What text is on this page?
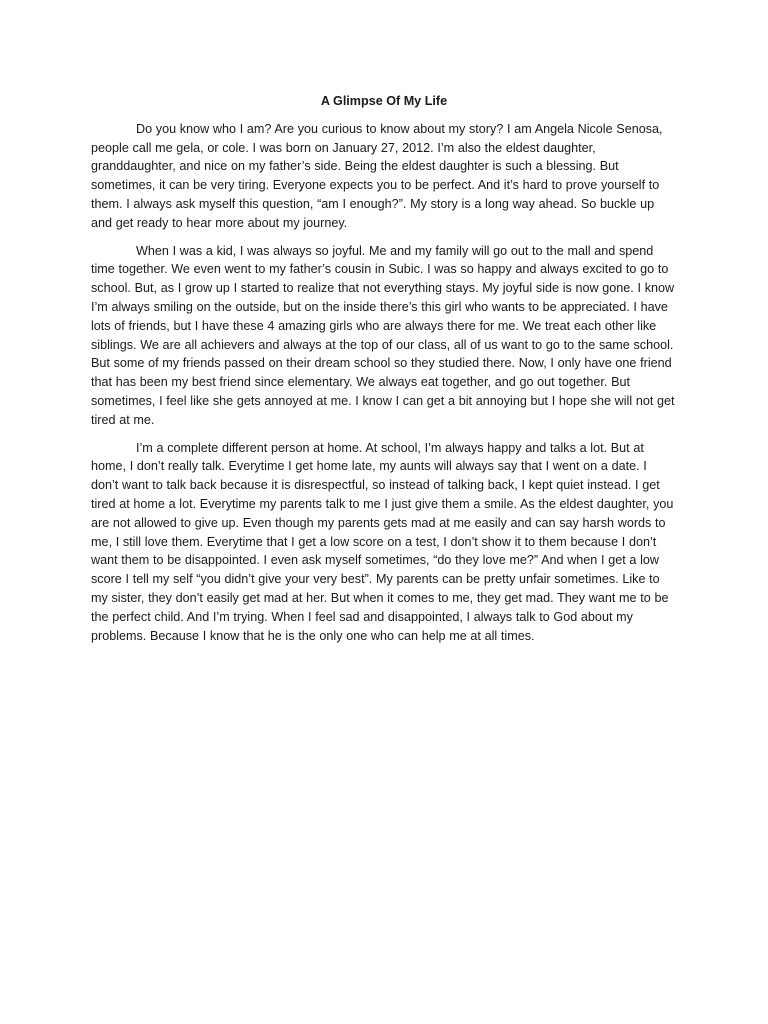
A Glimpse Of My Life

Do you know who I am? Are you curious to know about my story? I am Angela Nicole Senosa, people call me gela, or cole. I was born on January 27, 2012. I’m also the eldest daughter, granddaughter, and nice on my father’s side. Being the eldest daughter is such a blessing. But sometimes, it can be very tiring. Everyone expects you to be perfect. And it’s hard to prove yourself to them. I always ask myself this question, “am I enough?”. My story is a long way ahead. So buckle up and get ready to hear more about my journey.

When I was a kid, I was always so joyful. Me and my family will go out to the mall and spend time together. We even went to my father’s cousin in Subic. I was so happy and always excited to go to school. But, as I grow up I started to realize that not everything stays. My joyful side is now gone. I know I’m always smiling on the outside, but on the inside there’s this girl who wants to be appreciated. I have lots of friends, but I have these 4 amazing girls who are always there for me. We treat each other like siblings. We are all achievers and always at the top of our class, all of us want to go to the same school. But some of my friends passed on their dream school so they studied there. Now, I only have one friend that has been my best friend since elementary. We always eat together, and go out together. But sometimes, I feel like she gets annoyed at me. I know I can get a bit annoying but I hope she will not get tired at me.

I’m a complete different person at home. At school, I’m always happy and talks a lot. But at home, I don’t really talk. Everytime I get home late, my aunts will always say that I went on a date. I don’t want to talk back because it is disrespectful, so instead of talking back, I kept quiet instead. I get tired at home a lot. Everytime my parents talk to me I just give them a smile. As the eldest daughter, you are not allowed to give up. Even though my parents gets mad at me easily and can say harsh words to me, I still love them. Everytime that I get a low score on a test, I don’t show it to them because I don’t want them to be disappointed. I even ask myself sometimes, “do they love me?” And when I get a low score I tell my self “you didn’t give your very best”. My parents can be pretty unfair sometimes. Like to my sister, they don’t easily get mad at her. But when it comes to me, they get mad. They want me to be the perfect child. And I’m trying. When I feel sad and disappointed, I always talk to God about my problems. Because I know that he is the only one who can help me at all times.
